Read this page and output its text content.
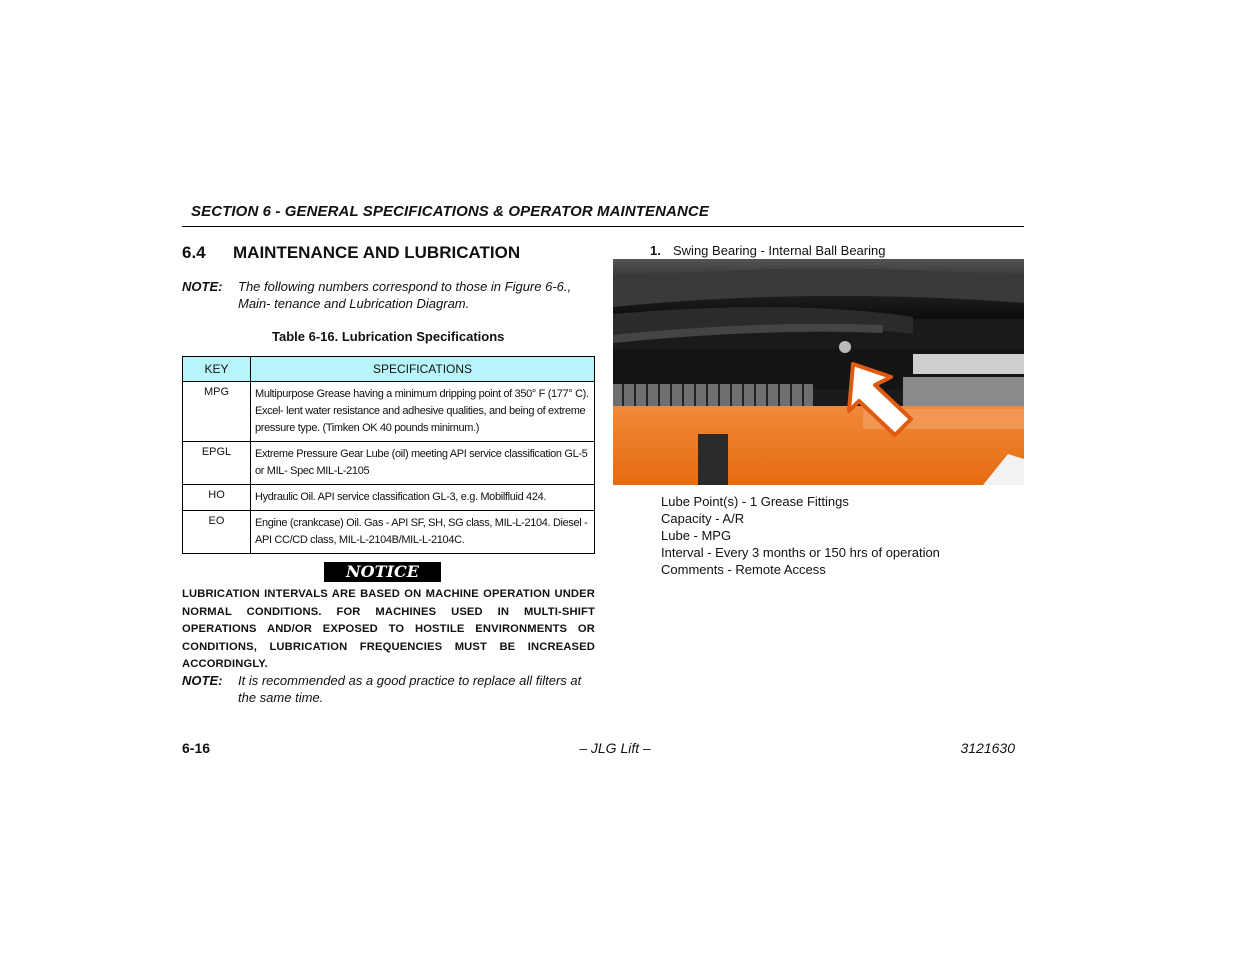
SECTION 6 - GENERAL SPECIFICATIONS & OPERATOR MAINTENANCE
6.4 MAINTENANCE AND LUBRICATION
NOTE: The following numbers correspond to those in Figure 6-6., Main- tenance and Lubrication Diagram.
Table 6-16. Lubrication Specifications
KEY	SPECIFICATIONS
MPG	Multipurpose Grease having a minimum dripping point of 350° F (177° C). Excel- lent water resistance and adhesive qualities, and being of extreme pressure type. (Timken OK 40 pounds minimum.)
EPGL	Extreme Pressure Gear Lube (oil) meeting API service classification GL-5 or MIL- Spec MIL-L-2105
HO	Hydraulic Oil. API service classification GL-3, e.g. Mobilfluid 424.
EO	Engine (crankcase) Oil. Gas - API SF, SH, SG class, MIL-L-2104. Diesel - API CC/CD class, MIL-L-2104B/MIL-L-2104C.
NOTICE
LUBRICATION INTERVALS ARE BASED ON MACHINE OPERATION UNDER NORMAL CONDITIONS. FOR MACHINES USED IN MULTI-SHIFT OPERATIONS AND/OR EXPOSED TO HOSTILE ENVIRONMENTS OR CONDITIONS, LUBRICATION FREQUENCIES MUST BE INCREASED ACCORDINGLY.
NOTE: It is recommended as a good practice to replace all filters at the same time.
1. Swing Bearing - Internal Ball Bearing
Lube Point(s) - 1 Grease Fittings
Capacity - A/R
Lube - MPG
Interval - Every 3 months or 150 hrs of operation
Comments - Remote Access
6-16	– JLG Lift –	3121630
